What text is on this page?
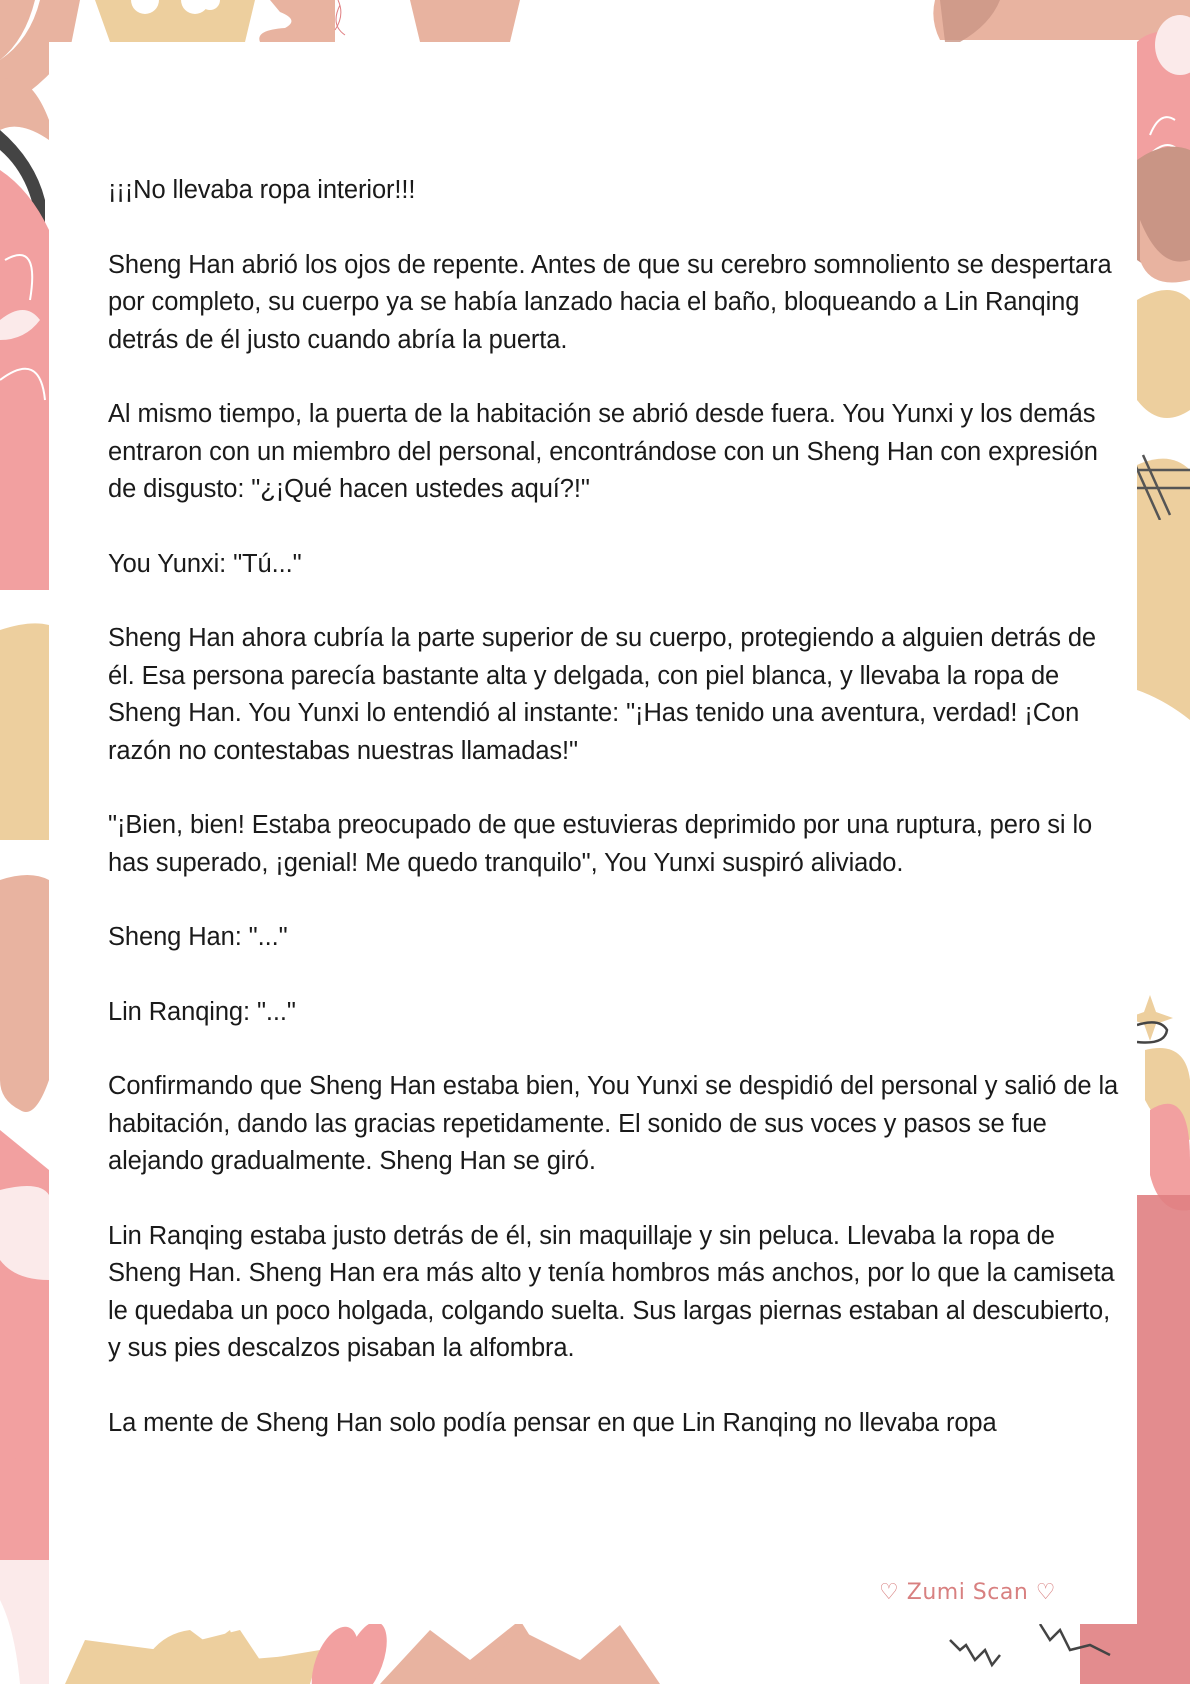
¡¡¡No llevaba ropa interior!!!

Sheng Han abrió los ojos de repente. Antes de que su cerebro somnoliento se despertara por completo, su cuerpo ya se había lanzado hacia el baño, bloqueando a Lin Ranqing detrás de él justo cuando abría la puerta.

Al mismo tiempo, la puerta de la habitación se abrió desde fuera. You Yunxi y los demás entraron con un miembro del personal, encontrándose con un Sheng Han con expresión de disgusto: "¿¡Qué hacen ustedes aquí?!"

You Yunxi: "Tú..."

Sheng Han ahora cubría la parte superior de su cuerpo, protegiendo a alguien detrás de él. Esa persona parecía bastante alta y delgada, con piel blanca, y llevaba la ropa de Sheng Han. You Yunxi lo entendió al instante: "¡Has tenido una aventura, verdad! ¡Con razón no contestabas nuestras llamadas!"

"¡Bien, bien! Estaba preocupado de que estuvieras deprimido por una ruptura, pero si lo has superado, ¡genial! Me quedo tranquilo", You Yunxi suspiró aliviado.

Sheng Han: "..."

Lin Ranqing: "..."

Confirmando que Sheng Han estaba bien, You Yunxi se despidió del personal y salió de la habitación, dando las gracias repetidamente. El sonido de sus voces y pasos se fue alejando gradualmente. Sheng Han se giró.

Lin Ranqing estaba justo detrás de él, sin maquillaje y sin peluca. Llevaba la ropa de Sheng Han. Sheng Han era más alto y tenía hombros más anchos, por lo que la camiseta le quedaba un poco holgada, colgando suelta. Sus largas piernas estaban al descubierto, y sus pies descalzos pisaban la alfombra.

La mente de Sheng Han solo podía pensar en que Lin Ranqing no llevaba ropa

♡ Zumi Scan ♡
